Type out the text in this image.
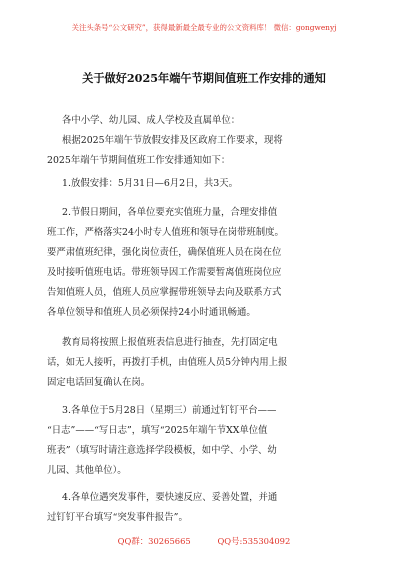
关注头条号“公文研究”，获得最新最全最专业的公文资料库！ 微信：gongwenyj
关于做好2025年端午节期间值班工作安排的通知
各中小学、幼儿园、成人学校及直属单位：
根据2025年端午节放假安排及区政府工作要求，现将
2025年端午节期间值班工作安排通知如下：
1.放假安排：5月31日—6月2日，共3天。
2.节假日期间，各单位要充实值班力量，合理安排值
班工作，严格落实24小时专人值班和领导在岗带班制度。
要严肃值班纪律，强化岗位责任，确保值班人员在岗在位
及时接听值班电话。带班领导因工作需要暂离值班岗位应
告知值班人员，值班人员应掌握带班领导去向及联系方式
各单位领导和值班人员必须保持24小时通讯畅通。
教育局将按照上报值班表信息进行抽查，先打固定电
话，如无人接听，再拨打手机，由值班人员5分钟内用上报
固定电话回复确认在岗。
3.各单位于5月28日（星期三）前通过钉钉平台——
“日志”——“写日志”，填写“2025年端午节XX单位值
班表”（填写时请注意选择学段模板，如中学、小学、幼
儿园、其他单位）。
4.各单位遇突发事件，要快速反应、妥善处置，并通
过钉钉平台填写“突发事件报告”。
QQ群：30265665	QQ号:535304092
